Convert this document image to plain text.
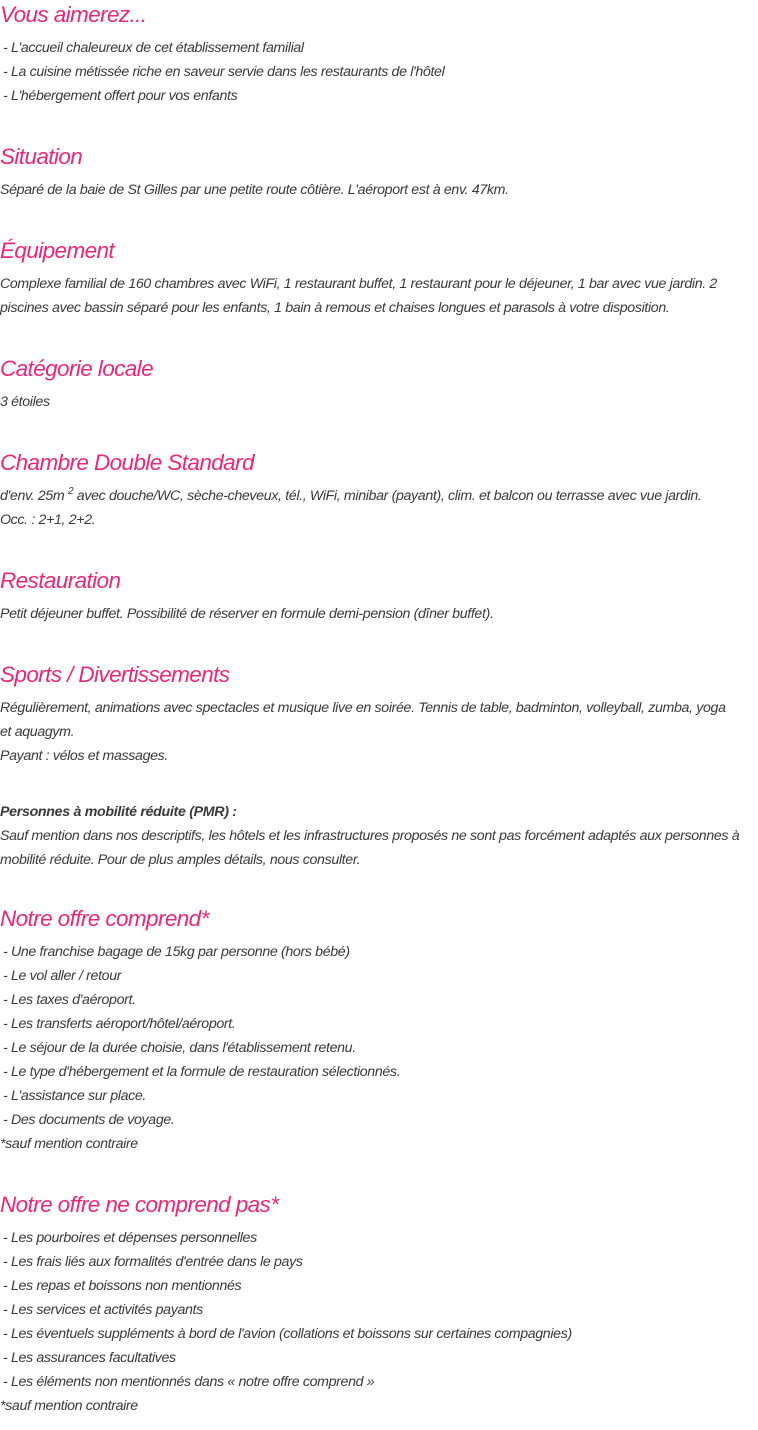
Vous aimerez...
- L'accueil chaleureux de cet établissement familial
- La cuisine métissée riche en saveur servie dans les restaurants de l'hôtel
- L'hébergement offert pour vos enfants
Situation

Séparé de la baie de St Gilles par une petite route côtière. L'aéroport est à env. 47km.

Équipement

Complexe familial de 160 chambres avec WiFi, 1 restaurant buffet, 1 restaurant pour le déjeuner, 1 bar avec vue jardin. 2 piscines avec bassin séparé pour les enfants, 1 bain à remous et chaises longues et parasols à votre disposition.

Catégorie locale

3 étoiles

Chambre Double Standard

d'env. 25m $^2$ avec douche/WC, sèche-cheveux, tél., WiFi, minibar (payant), clim. et balcon ou terrasse avec vue jardin.

Occ. : 2+1, 2+2.

Restauration

Petit déjeuner buffet. Possibilité de réserver en formule demi-pension (dîner buffet).

Sports / Divertissements

Régulièrement, animations avec spectacles et musique live en soirée. Tennis de table, badminton, volleyball, zumba, yoga et aquagym.

Payant : vélos et massages.

Personnes à mobilité réduite (PMR) :

Sauf mention dans nos descriptifs, les hôtels et les infrastructures proposés ne sont pas forcément adaptés aux personnes à mobilité réduite. Pour de plus amples détails, nous consulter.

Notre offre comprend*
- Une franchise bagage de 15kg par personne (hors bébé)
- Le vol aller / retour
- Les taxes d'aéroport.
- Les transferts aéroport/hôtel/aéroport.
- Le séjour de la durée choisie, dans l'établissement retenu.
- Le type d'hébergement et la formule de restauration sélectionnés.
- L'assistance sur place.
- Des documents de voyage.
*sauf mention contraire
Notre offre ne comprend pas*
- Les pourboires et dépenses personnelles
- Les frais liés aux formalités d'entrée dans le pays
- Les repas et boissons non mentionnés
- Les services et activités payants
- Les éventuels suppléments à bord de l'avion (collations et boissons sur certaines compagnies)
- Les assurances facultatives
- Les éléments non mentionnés dans « notre offre comprend »
*sauf mention contraire
